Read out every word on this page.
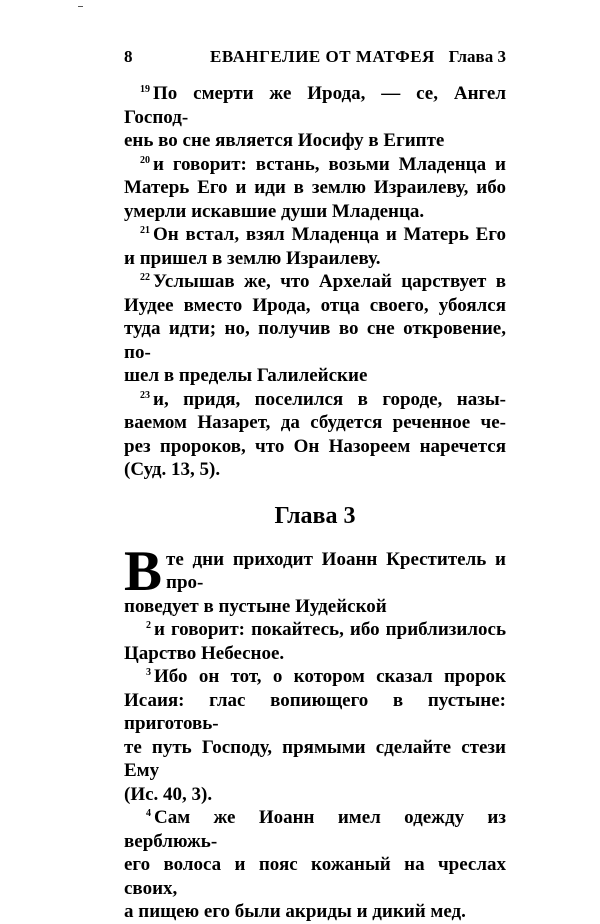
8	ЕВАНГЕЛИЕ ОТ МАТФЕЯ Глава 3

$^{19}$ По смерти же Ирода, — се, Ангел Господ-
ень во сне является Иосифу в Египте

$^{20}$ и говорит: встань, возьми Младенца и
Матерь Его и иди в землю Израилеву, ибо
умерли искавшие души Младенца.

$^{21}$ Он встал, взял Младенца и Матерь Его
и пришел в землю Израилеву.

$^{22}$ Услышав же, что Архелай царствует в
Иудее вместо Ирода, отца своего, убоялся
туда идти; но, получив во сне откровение, по-
шел в пределы Галилейские

$^{23}$ и, придя, поселился в городе, назы-
ваемом Назарет, да сбудется реченное че-
рез пророков, что Он Назореем наречется
(Суд. 13, 5).

Глава 3

В те дни приходит Иоанн Креститель и про-
поведует в пустыне Иудейской

$^2$ и говорит: покайтесь, ибо приблизилось
Царство Небесное.

$^3$ Ибо он тот, о котором сказал пророк
Исаия: глас вопиющего в пустыне: приготовь-
те путь Господу, прямыми сделайте стези Ему
(Ис. 40, 3).

$^4$ Сам же Иоанн имел одежду из верблюжь-
его волоса и пояс кожаный на чреслах своих,
а пищею его были акриды и дикий мед.
